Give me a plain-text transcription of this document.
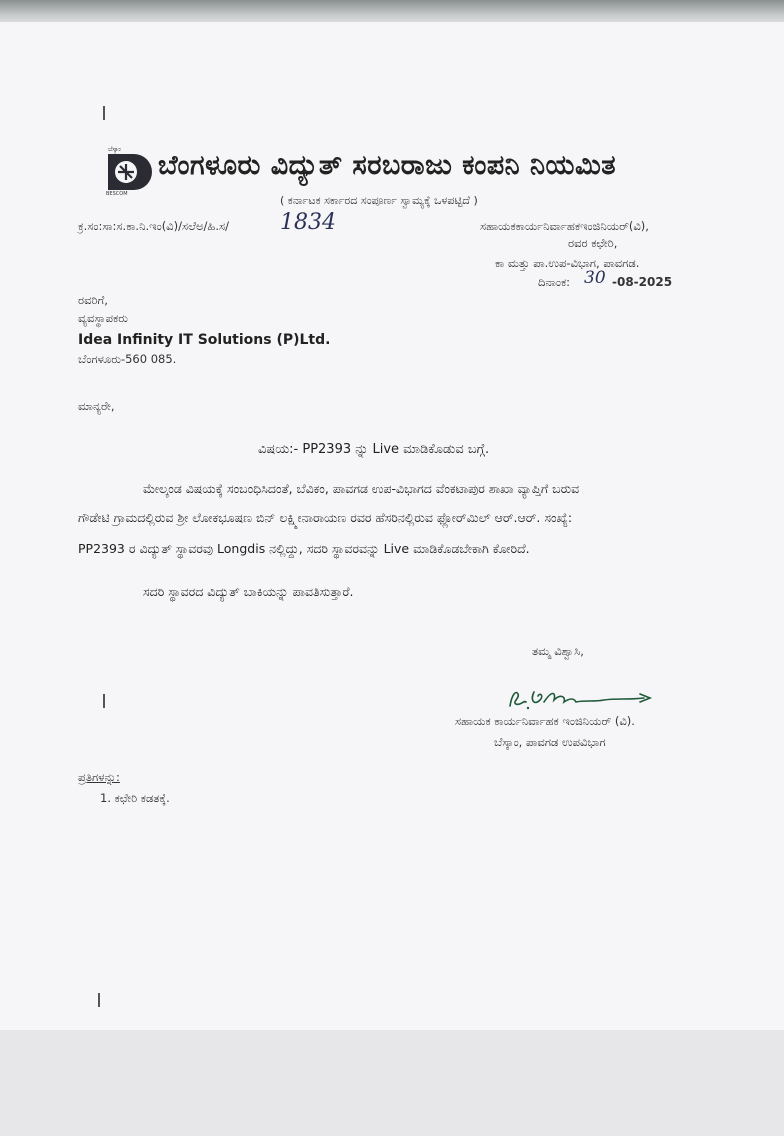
ಬೆಸ್ಕಾಂ
BESCOM
ಬೆಂಗಳೂರು ವಿದ್ಯುತ್ ಸರಬರಾಜು ಕಂಪನಿ ನಿಯಮಿತ
( ಕರ್ನಾಟಕ ಸರ್ಕಾರದ ಸಂಪೂರ್ಣ ಸ್ವಾಮ್ಯಕ್ಕೆ ಒಳಪಟ್ಟಿದೆ )
ಕ್ರ.ಸಂ:ಸಾ:ಸ.ಕಾ.ನಿ.ಇಂ(ವಿ)/ಸಲೆಅ/ಹಿ.ಸ/ 1834	ಸಹಾಯಕಕಾರ್ಯನಿರ್ವಾಹಕಇಂಜಿನಿಯರ್(ವಿ),
ರವರ ಕಛೇರಿ,
ಕಾ ಮತ್ತು ಪಾ.ಉಪ-ವಿಭಾಗ, ಪಾವಗಡ.
ದಿನಾಂಕ: 30 -08-2025
ರವರಿಗೆ,
ವ್ಯವಸ್ಥಾಪಕರು
Idea Infinity IT Solutions (P)Ltd.
ಬೆಂಗಳೂರು-560 085.
ಮಾನ್ಯರೇ,
ವಿಷಯ:- PP2393 ನ್ನು Live ಮಾಡಿಕೊಡುವ ಬಗ್ಗೆ.
ಮೇಲ್ಕಂಡ ವಿಷಯಕ್ಕೆ ಸಂಬಂಧಿಸಿದಂತೆ, ಬೆವಿಕಂ, ಪಾವಗಡ ಉಪ-ವಿಭಾಗದ ವೆಂಕಟಾಪುರ ಶಾಖಾ ವ್ಯಾಪ್ತಿಗೆ ಬರುವ
ಗೌಡೇಟಿ ಗ್ರಾಮದಲ್ಲಿರುವ ಶ್ರೀ ಲೋಕಭೂಷಣ ಬಿನ್ ಲಕ್ಷ್ಮೀನಾರಾಯಣ ರವರ ಹೆಸರಿನಲ್ಲಿರುವ ಫ್ಲೋರ್‌ಮಿಲ್ ಆರ್.ಆರ್. ಸಂಖ್ಯೆ:
PP2393 ರ ವಿದ್ಯುತ್ ಸ್ಥಾವರವು Longdis ನಲ್ಲಿದ್ದು, ಸದರಿ ಸ್ಥಾವರವನ್ನು Live ಮಾಡಿಕೊಡಬೇಕಾಗಿ ಕೋರಿದೆ.
ಸದರಿ ಸ್ಥಾವರದ ವಿದ್ಯುತ್ ಬಾಕಿಯನ್ನು ಪಾವತಿಸುತ್ತಾರೆ.
ತಮ್ಮ ವಿಶ್ವಾಸಿ,
ಸಹಾಯಕ ಕಾರ್ಯನಿರ್ವಾಹಕ ಇಂಜಿನಿಯರ್ (ವಿ).
ಬೆಸ್ಕಾಂ, ಪಾವಗಡ ಉಪವಿಭಾಗ
ಪ್ರತಿಗಳನ್ನು:
1. ಕಛೇರಿ ಕಡತಕ್ಕೆ.
